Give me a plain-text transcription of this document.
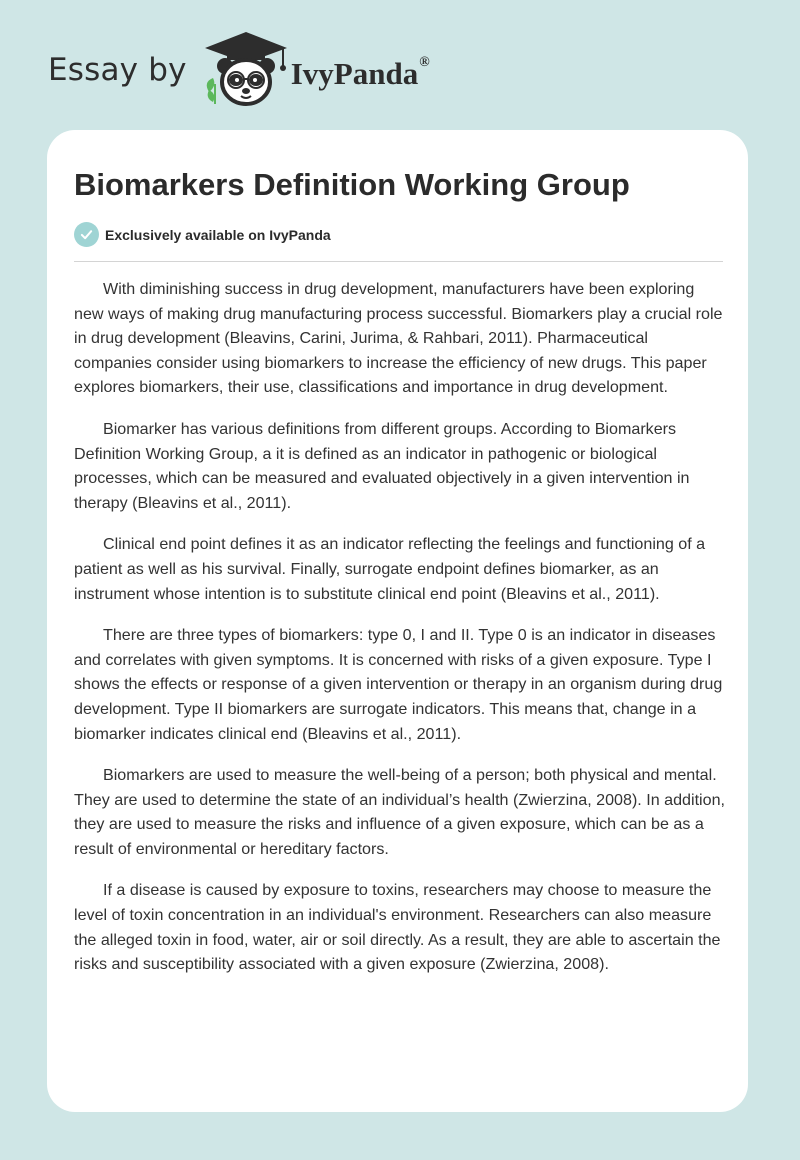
Essay by	IvyPanda®
Biomarkers Definition Working Group
Exclusively available on IvyPanda

With diminishing success in drug development, manufacturers have been exploring new ways of making drug manufacturing process successful. Biomarkers play a crucial role in drug development (Bleavins, Carini, Jurima, & Rahbari, 2011). Pharmaceutical companies consider using biomarkers to increase the efficiency of new drugs. This paper explores biomarkers, their use, classifications and importance in drug development.

Biomarker has various definitions from different groups. According to Biomarkers Definition Working Group, a it is defined as an indicator in pathogenic or biological processes, which can be measured and evaluated objectively in a given intervention in therapy (Bleavins et al., 2011).

Clinical end point defines it as an indicator reflecting the feelings and functioning of a patient as well as his survival. Finally, surrogate endpoint defines biomarker, as an instrument whose intention is to substitute clinical end point (Bleavins et al., 2011).

There are three types of biomarkers: type 0, I and II. Type 0 is an indicator in diseases and correlates with given symptoms. It is concerned with risks of a given exposure. Type I shows the effects or response of a given intervention or therapy in an organism during drug development. Type II biomarkers are surrogate indicators. This means that, change in a biomarker indicates clinical end (Bleavins et al., 2011).

Biomarkers are used to measure the well-being of a person; both physical and mental. They are used to determine the state of an individual’s health (Zwierzina, 2008). In addition, they are used to measure the risks and influence of a given exposure, which can be as a result of environmental or hereditary factors.

If a disease is caused by exposure to toxins, researchers may choose to measure the level of toxin concentration in an individual's environment. Researchers can also measure the alleged toxin in food, water, air or soil directly. As a result, they are able to ascertain the risks and susceptibility associated with a given exposure (Zwierzina, 2008).
